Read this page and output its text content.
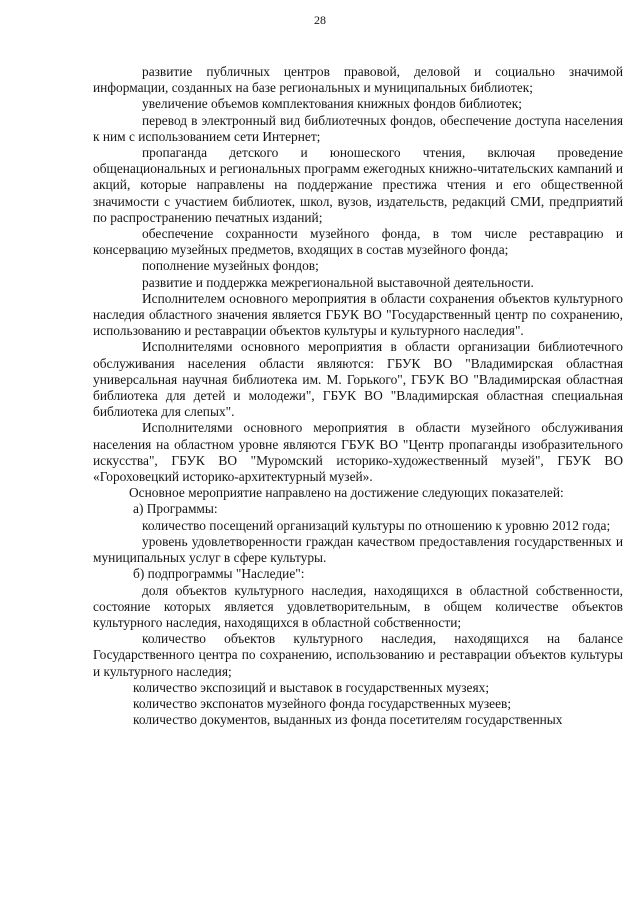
28

развитие публичных центров правовой, деловой и социально значимой информации, созданных на базе региональных и муниципальных библиотек;

увеличение объемов комплектования книжных фондов библиотек;

перевод в электронный вид библиотечных фондов, обеспечение доступа населения к ним с использованием сети Интернет;

пропаганда детского и юношеского чтения, включая проведение общенациональных и региональных программ ежегодных книжно-читательских кампаний и акций, которые направлены на поддержание престижа чтения и его общественной значимости с участием библиотек, школ, вузов, издательств, редакций СМИ, предприятий по распространению печатных изданий;

обеспечение сохранности музейного фонда, в том числе реставрацию и консервацию музейных предметов, входящих в состав музейного фонда;

пополнение музейных фондов;

развитие и поддержка межрегиональной выставочной деятельности.

Исполнителем основного мероприятия в области сохранения объектов культурного наследия областного значения является ГБУК ВО "Государственный центр по сохранению, использованию и реставрации объектов культуры и культурного наследия".

Исполнителями основного мероприятия в области организации библиотечного обслуживания населения области являются: ГБУК ВО "Владимирская областная универсальная научная библиотека им. М. Горького", ГБУК ВО "Владимирская областная библиотека для детей и молодежи", ГБУК ВО "Владимирская областная специальная библиотека для слепых".

Исполнителями основного мероприятия в области музейного обслуживания населения на областном уровне являются ГБУК ВО "Центр пропаганды изобразительного искусства", ГБУК ВО "Муромский историко-художественный музей", ГБУК ВО «Гороховецкий историко-архитектурный музей».

Основное мероприятие направлено на достижение следующих показателей:

а) Программы:

количество посещений организаций культуры по отношению к уровню 2012 года;

уровень удовлетворенности граждан качеством предоставления государственных и муниципальных услуг в сфере культуры.

б) подпрограммы "Наследие":

доля объектов культурного наследия, находящихся в областной собственности, состояние которых является удовлетворительным, в общем количестве объектов культурного наследия, находящихся в областной собственности;

количество объектов культурного наследия, находящихся на балансе Государственного центра по сохранению, использованию и реставрации объектов культуры и культурного наследия;

количество экспозиций и выставок в государственных музеях;

количество экспонатов музейного фонда государственных музеев;

количество документов, выданных из фонда посетителям государственных
